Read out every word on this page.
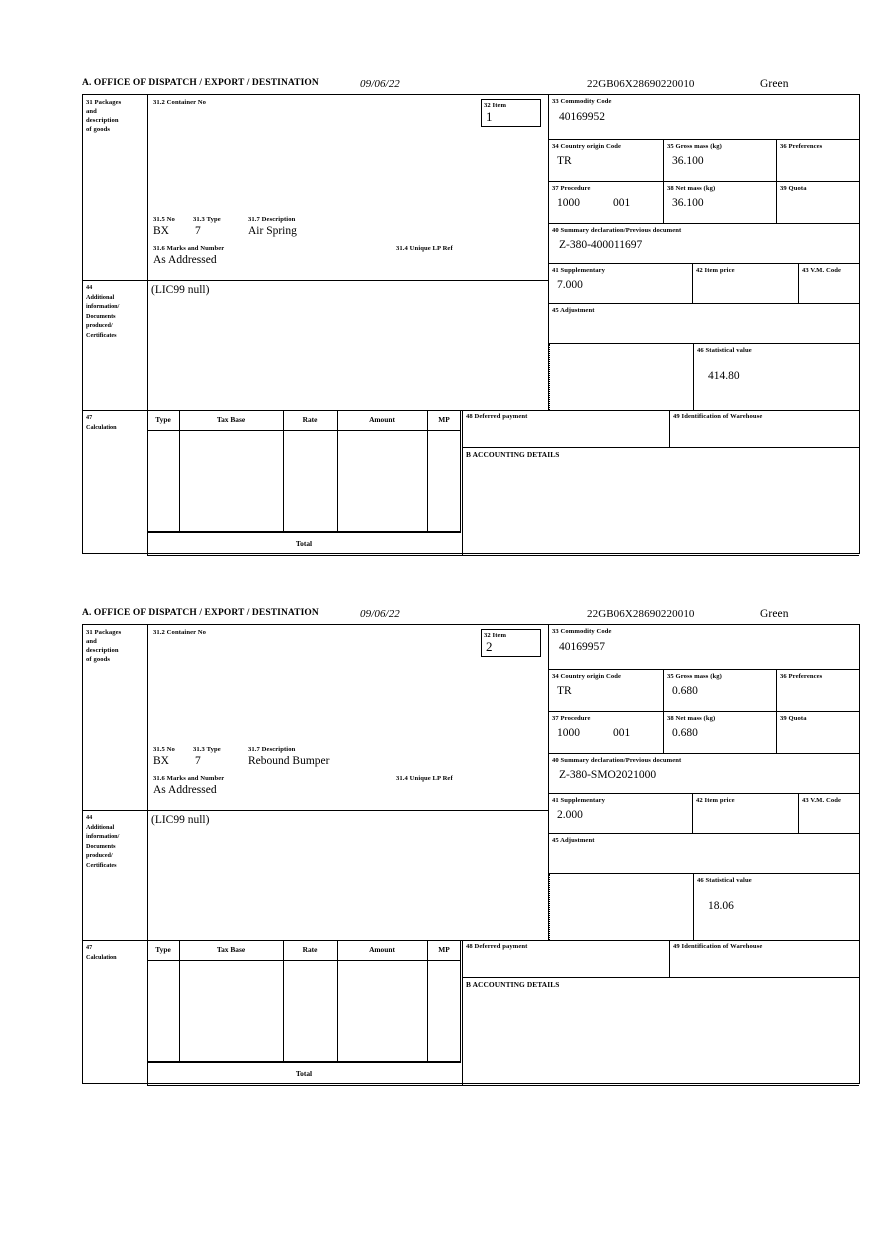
A. OFFICE OF DISPATCH / EXPORT / DESTINATION	09/06/22	22GB06X28690220010	Green
31 Packages
and
description
of goods
44
Additional
information/
Documents
produced/
Certificates
47
Calculation
31.2 Container No
31.5 No	31.3 Type	31.7 Description
BX 7	Air Spring
31.6 Marks and Number	31.4 Unique LP Ref
As Addressed
(LIC99 null)
32 Item
1
33 Commodity Code
40169952
34 Country origin Code
TR
35 Gross mass (kg)
36.100
36 Preferences
37 Procedure
1000	001
38 Net mass (kg)
36.100
39 Quota
40 Summary declaration/Previous document
Z-380-400011697
41 Supplementary
7.000
42 Item price	43 V.M. Code
45 Adjustment
46 Statistical value
414.80
Type	Tax Base	Rate	Amount	MP
Total
48 Deferred payment	49 Identification of Warehouse
B ACCOUNTING DETAILS
A. OFFICE OF DISPATCH / EXPORT / DESTINATION	09/06/22	22GB06X28690220010	Green
31 Packages
and
description
of goods
44
Additional
information/
Documents
produced/
Certificates
47
Calculation
31.2 Container No
31.5 No	31.3 Type	31.7 Description
BX 7	Rebound Bumper
31.6 Marks and Number	31.4 Unique LP Ref
As Addressed
(LIC99 null)
32 Item
2
33 Commodity Code
40169957
34 Country origin Code
TR
35 Gross mass (kg)
0.680
36 Preferences
37 Procedure
1000	001
38 Net mass (kg)
0.680
39 Quota
40 Summary declaration/Previous document
Z-380-SMO2021000
41 Supplementary
2.000
42 Item price	43 V.M. Code
45 Adjustment
46 Statistical value
18.06
Type	Tax Base	Rate	Amount	MP
Total
48 Deferred payment	49 Identification of Warehouse
B ACCOUNTING DETAILS
